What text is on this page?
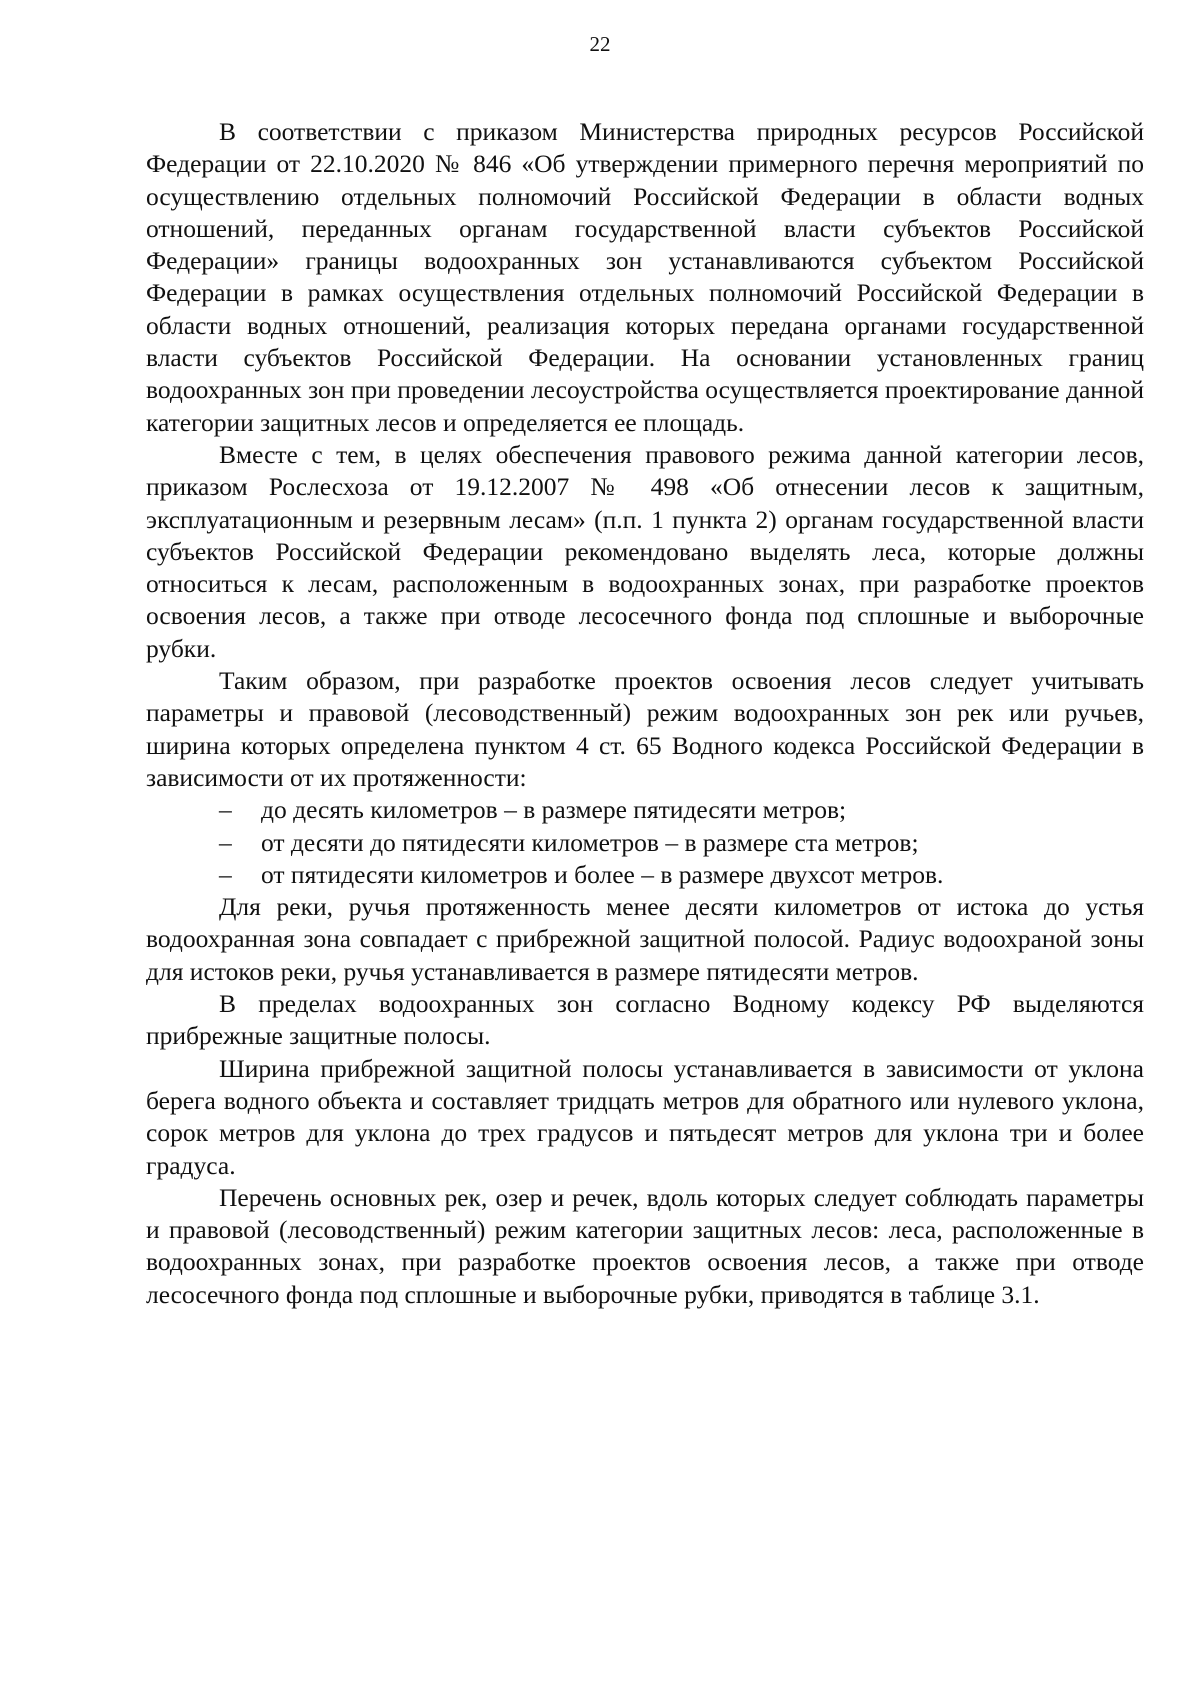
22

В соответствии с приказом Министерства природных ресурсов Российской Федерации от 22.10.2020 № 846 «Об утверждении примерного перечня мероприятий по осуществлению отдельных полномочий Российской Федерации в области водных отношений, переданных органам государственной власти субъектов Российской Федерации» границы водоохранных зон устанавливаются субъектом Российской Федерации в рамках осуществления отдельных полномочий Российской Федерации в области водных отношений, реализация которых передана органами государственной власти субъектов Российской Федерации. На основании установленных границ водоохранных зон при проведении лесоустройства осуществляется проектирование данной категории защитных лесов и определяется ее площадь.

Вместе с тем, в целях обеспечения правового режима данной категории лесов, приказом Рослесхоза от 19.12.2007 № 498 «Об отнесении лесов к защитным, эксплуатационным и резервным лесам» (п.п. 1 пункта 2) органам государственной власти субъектов Российской Федерации рекомендовано выделять леса, которые должны относиться к лесам, расположенным в водоохранных зонах, при разработке проектов освоения лесов, а также при отводе лесосечного фонда под сплошные и выборочные рубки.

Таким образом, при разработке проектов освоения лесов следует учитывать параметры и правовой (лесоводственный) режим водоохранных зон рек или ручьев, ширина которых определена пунктом 4 ст. 65 Водного кодекса Российской Федерации в зависимости от их протяженности:

– до десять километров – в размере пятидесяти метров;
– от десяти до пятидесяти километров – в размере ста метров;
– от пятидесяти километров и более – в размере двухсот метров.

Для реки, ручья протяженность менее десяти километров от истока до устья водоохранная зона совпадает с прибрежной защитной полосой. Радиус водоохраной зоны для истоков реки, ручья устанавливается в размере пятидесяти метров.

В пределах водоохранных зон согласно Водному кодексу РФ выделяются прибрежные защитные полосы.

Ширина прибрежной защитной полосы устанавливается в зависимости от уклона берега водного объекта и составляет тридцать метров для обратного или нулевого уклона, сорок метров для уклона до трех градусов и пятьдесят метров для уклона три и более градуса.

Перечень основных рек, озер и речек, вдоль которых следует соблюдать параметры и правовой (лесоводственный) режим категории защитных лесов: леса, расположенные в водоохранных зонах, при разработке проектов освоения лесов, а также при отводе лесосечного фонда под сплошные и выборочные рубки, приводятся в таблице 3.1.
